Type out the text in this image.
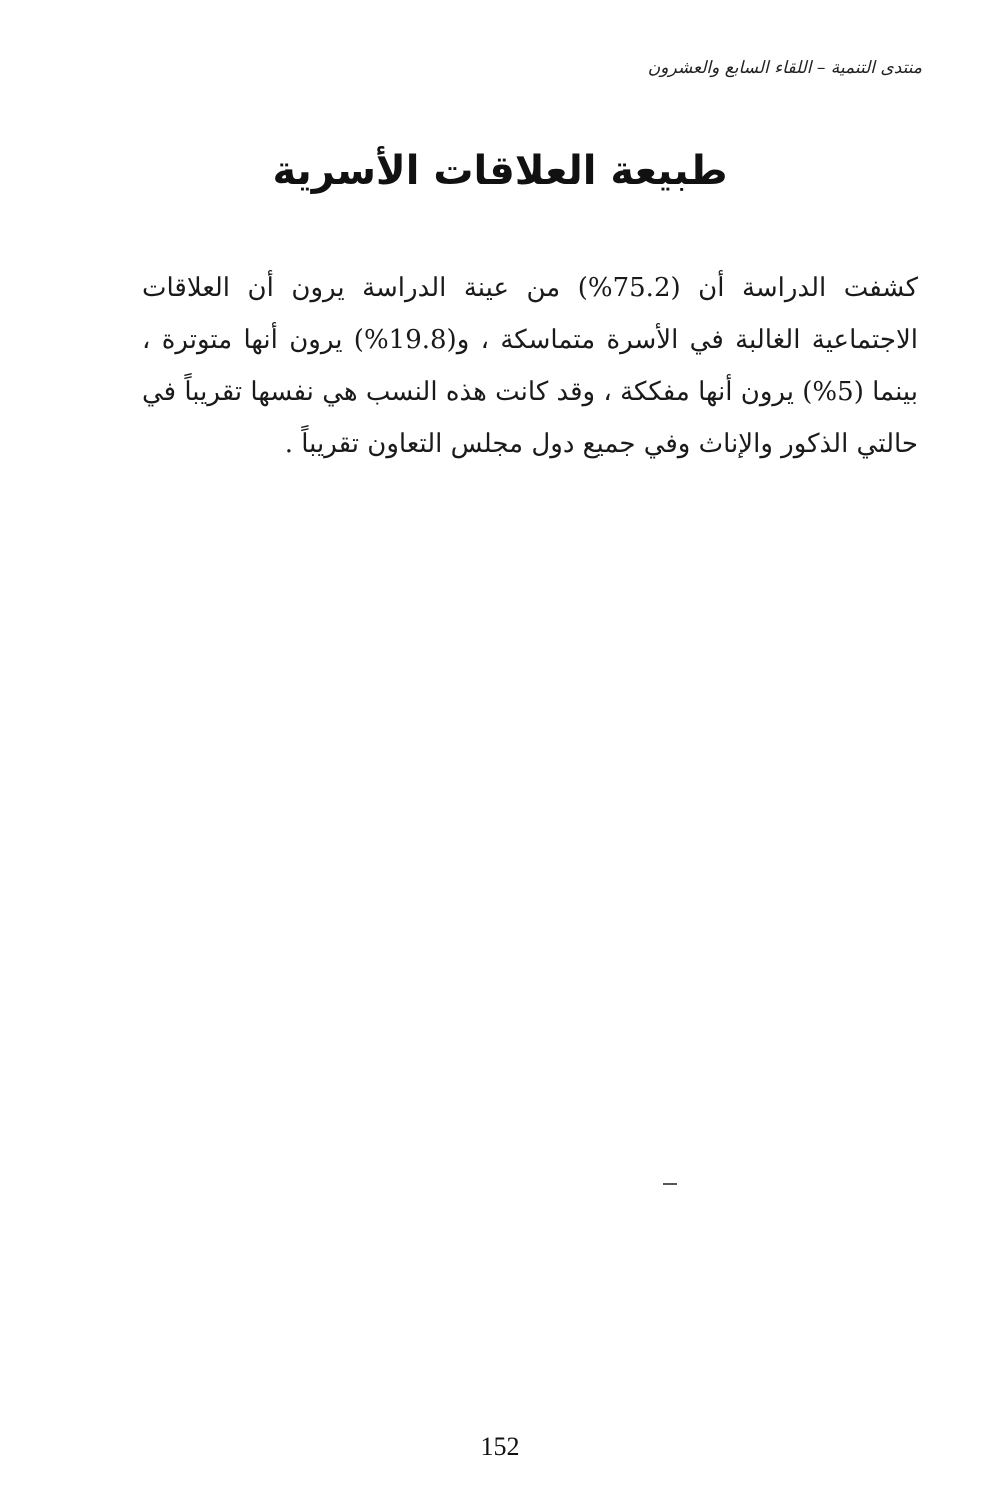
منتدى التنمية – اللقاء السابع والعشرون
طبيعة العلاقات الأسرية

كشفت الدراسة أن (75.2%) من عينة الدراسة يرون أن العلاقات الاجتماعية الغالبة في الأسرة متماسكة ، و(19.8%) يرون أنها متوترة ، بينما (5%) يرون أنها مفككة ، وقد كانت هذه النسب هي نفسها تقريباً في حالتي الذكور والإناث وفي جميع دول مجلس التعاون تقريباً .

152
